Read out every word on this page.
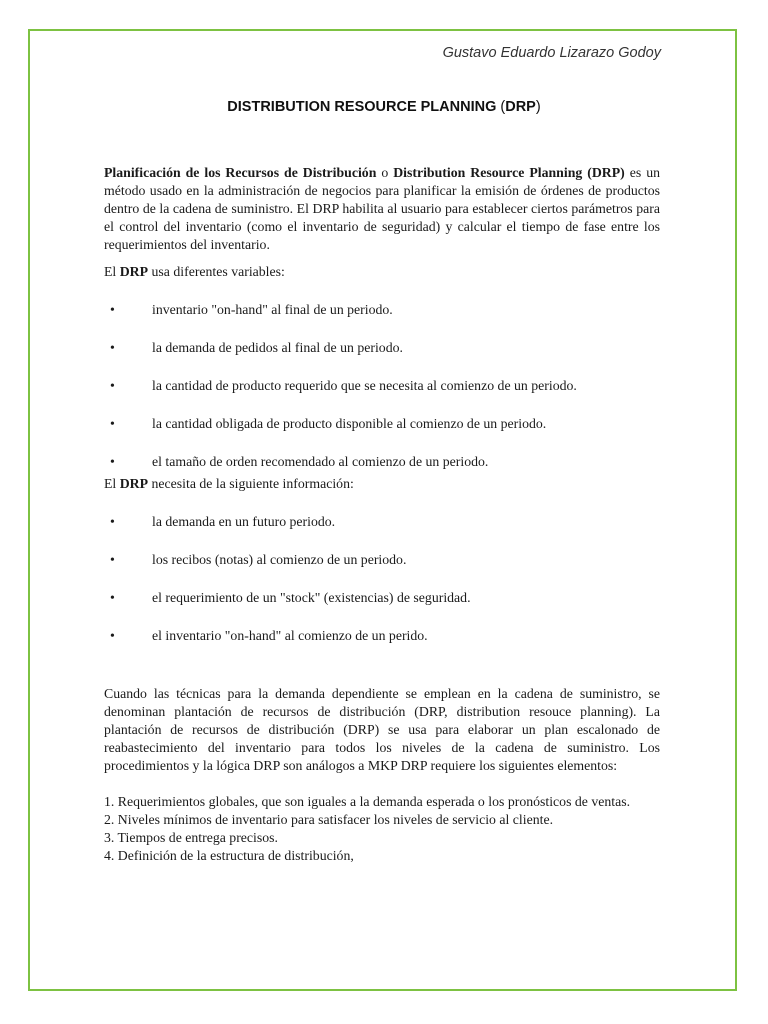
Gustavo Eduardo Lizarazo Godoy
DISTRIBUTION RESOURCE PLANNING (DRP)

Planificación de los Recursos de Distribución o Distribution Resource Planning (DRP) es un método usado en la administración de negocios para planificar la emisión de órdenes de productos dentro de la cadena de suministro. El DRP habilita al usuario para establecer ciertos parámetros para el control del inventario (como el inventario de seguridad) y calcular el tiempo de fase entre los requerimientos del inventario.

El DRP usa diferentes variables:

•	inventario "on-hand" al final de un periodo.
•	la demanda de pedidos al final de un periodo.
•	la cantidad de producto requerido que se necesita al comienzo de un periodo.
•	la cantidad obligada de producto disponible al comienzo de un periodo.
•	el tamaño de orden recomendado al comienzo de un periodo.

El DRP necesita de la siguiente información:

•	la demanda en un futuro periodo.
•	los recibos (notas) al comienzo de un periodo.
•	el requerimiento de un "stock" (existencias) de seguridad.
•	el inventario "on-hand" al comienzo de un perido.

Cuando las técnicas para la demanda dependiente se emplean en la cadena de suministro, se denominan plantación de recursos de distribución (DRP, distribution resouce planning). La plantación de recursos de distribución (DRP) se usa para elaborar un plan escalonado de reabastecimiento del inventario para todos los niveles de la cadena de suministro. Los procedimientos y la lógica DRP son análogos a MKP DRP requiere los siguientes elementos:

1. Requerimientos globales, que son iguales a la demanda esperada o los pronósticos de ventas.
2. Niveles mínimos de inventario para satisfacer los niveles de servicio al cliente.
3. Tiempos de entrega precisos.
4. Definición de la estructura de distribución,
